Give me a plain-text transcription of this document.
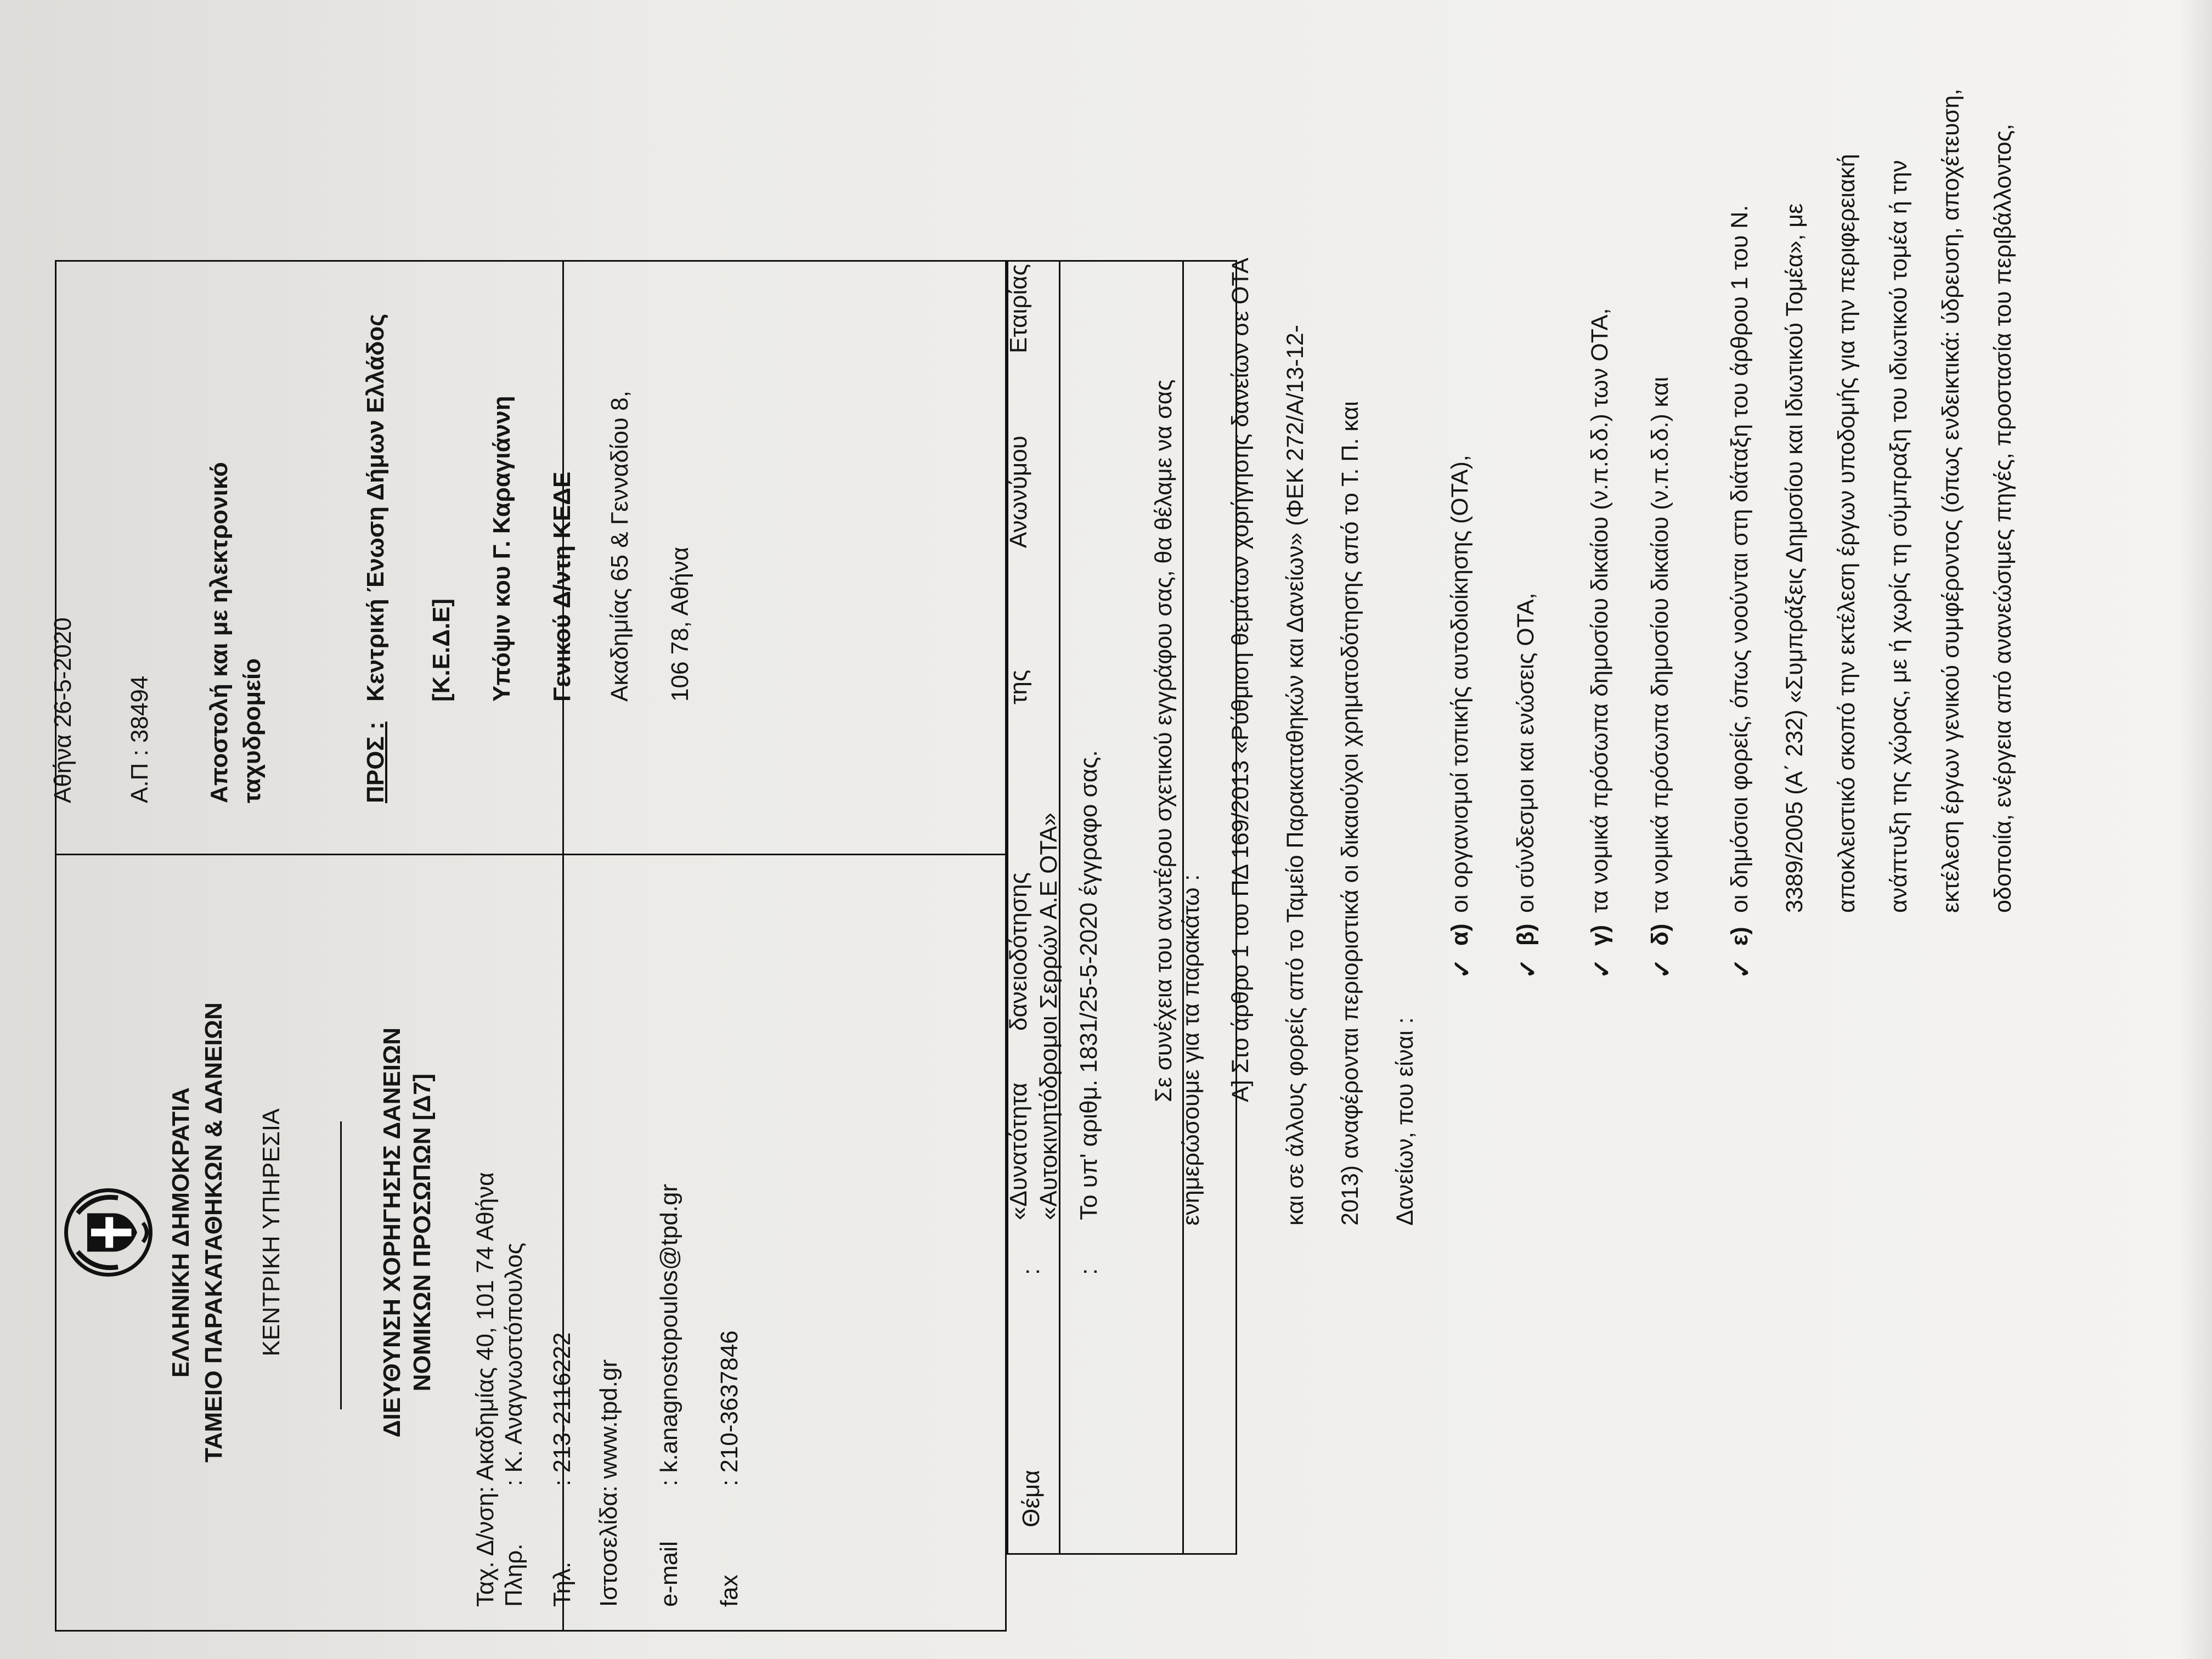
ΕΛΛΗΝΙΚΗ ΔΗΜΟΚΡΑΤΙΑ ΤΑΜΕΙΟ ΠΑΡΑΚΑΤΑΘΗΚΩΝ & ΔΑΝΕΙΩΝ ΚΕΝΤΡΙΚΗ ΥΠΗΡΕΣΙΑ	ΔΙΕΥΘΥΝΣΗ ΧΟΡΗΓΗΣΗΣ ΔΑΝΕΙΩΝ ΝΟΜΙΚΩΝ ΠΡΟΣΩΠΩΝ [Δ7] Ταχ. Δ/νση: Ακαδημίας 40, 101 74 Αθήνα Πληρ.
: Κ. Αναγνωστόπουλος
Τηλ.
: 213-2116222 Ιστοσελίδα: www.tpd.gr e-mail
: k.anagnostopoulos@tpd.gr
fax
: 210-3637846
Αθήνα 26-5-2020 Α.Π : 38494 Αποστολή και με ηλεκτρονικό ταχυδρομείο	ΠΡΟΣ :
Κεντρική Ένωση Δήμων Ελλάδος [Κ.Ε.Δ.Ε] Υπόψιν κου Γ. Καραγιάννη Γενικού Δ/ντη ΚΕΔΕ Ακαδημίας 65 & Γενναδίου 8, 106 78, Αθήνα
Θέμα
:
«Δυνατότητα
δανειοδότησης
της
Ανωνύμου
Εταιρίας
«Αυτοκινητόδρομοι Σερρών Α.Ε ΟΤΑ»
:
Το υπ' αριθμ. 1831/25-5-2020 έγγραφο σας. Σε συνέχεια του ανωτέρου σχετικού εγγράφου σας, θα θέλαμε να σας ενημερώσουμε για τα παρακάτω : Α] Στο άρθρο 1 του ΠΔ 169/2013 «Ρύθμιση θεμάτων χορήγησης δανείων σε ΟΤΑ και σε άλλους φορείς από το Ταμείο Παρακαταθηκών και Δανείων» (ΦΕΚ 272/Α/13-12- 2013) αναφέρονται περιοριστικά οι δικαιούχοι χρηματοδότησης από το Τ. Π. και Δανείων, που είναι :
✓
α)
οι οργανισμοί τοπικής αυτοδιοίκησης (ΟΤΑ),
✓
β)
οι σύνδεσμοι και ενώσεις ΟΤΑ,
✓
γ)
τα νομικά πρόσωπα δημοσίου δικαίου (ν.π.δ.δ.) των ΟΤΑ,
✓
δ)
τα νομικά πρόσωπα δημοσίου δικαίου (ν.π.δ.δ.) και
✓
ε)
οι δημόσιοι φορείς, όπως νοούνται στη διάταξη του άρθρου 1 του Ν. 3389/2005 (Α΄ 232) «Συμπράξεις Δημοσίου και Ιδιωτικού Τομέα», με αποκλειστικό σκοπό την εκτέλεση έργων υποδομής για την περιφερειακή ανάπτυξη της χώρας, με ή χωρίς τη σύμπραξη του ιδιωτικού τομέα ή την εκτέλεση έργων γενικού συμφέροντος (όπως ενδεικτικά: ύδρευση, αποχέτευση, οδοποιία, ενέργεια από ανανεώσιμες πηγές, προστασία του περιβάλλοντος,
